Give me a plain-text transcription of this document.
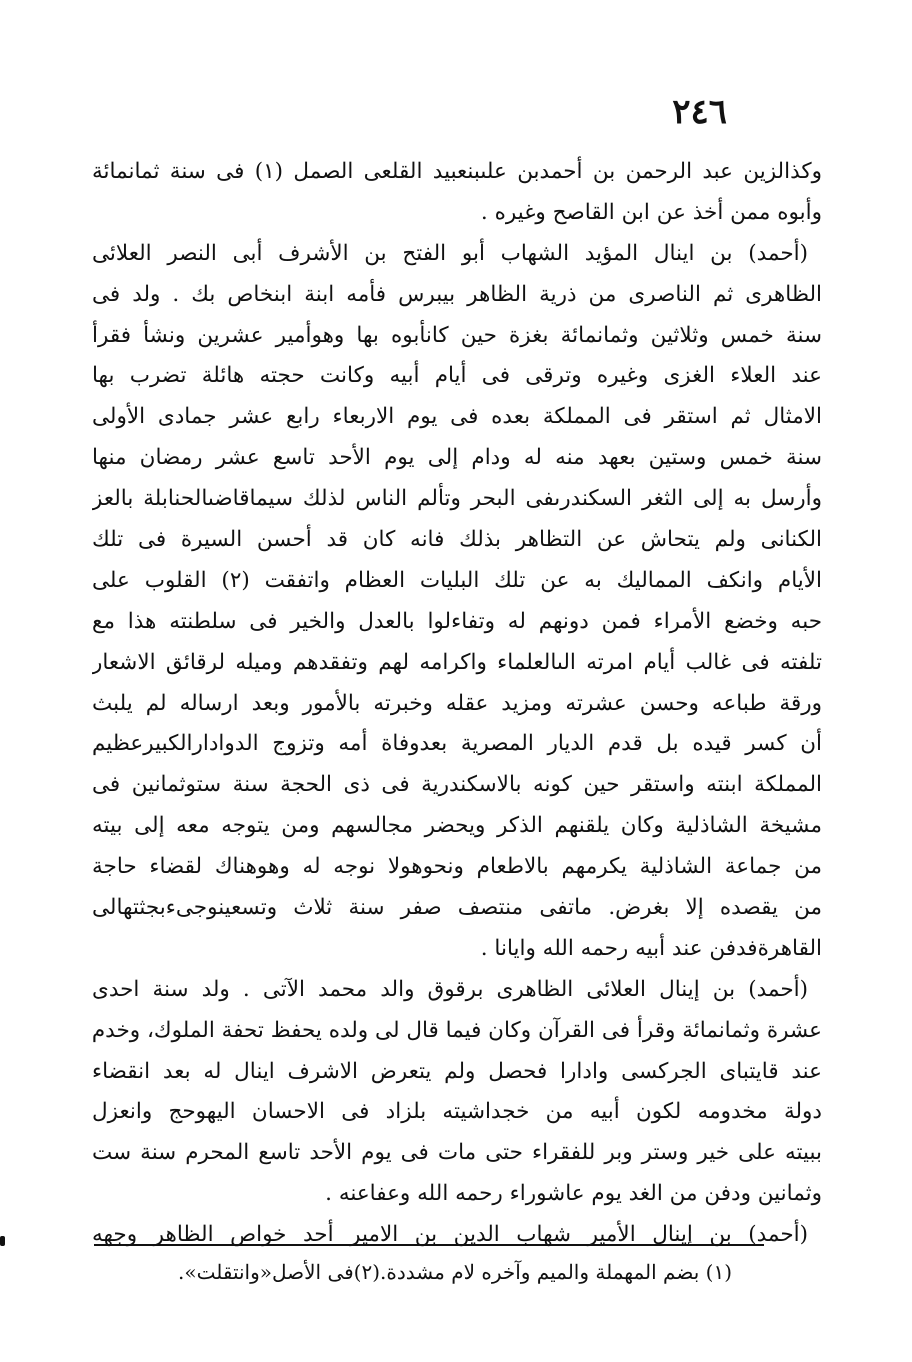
٢٤٦
وكذالزين عبد الرحمن بن أحمدبن علىبنعبيد القلعى الصمل (١) فى سنة ثمانمائة
وأبوه ممن أخذ عن ابن القاصح وغيره .
(أحمد) بن اينال المؤيد الشهاب أبو الفتح بن الأشرف أبى النصر العلائى
الظاهرى ثم الناصرى من ذرية الظاهر بيبرس فأمه ابنة ابنخاص بك . ولد فى
سنة خمس وثلاثين وثمانمائة بغزة حين كانأبوه بها وهوأمير عشرين ونشأ فقرأ
عند العلاء الغزى وغيره وترقى فى أيام أبيه وكانت حجته هائلة تضرب بها
الامثال ثم استقر فى المملكة بعده فى يوم الاربعاء رابع عشر جمادى الأولى
سنة خمس وستين بعهد منه له ودام إلى يوم الأحد تاسع عشر رمضان منها
وأرسل به إلى الثغر السكندرىفى البحر وتألم الناس لذلك سيماقاضىالحنابلة بالعز
الكنانى ولم يتحاش عن التظاهر بذلك فانه كان قد أحسن السيرة فى تلك
الأيام وانكف المماليك به عن تلك البليات العظام واتفقت (٢) القلوب على
حبه وخضع الأمراء فمن دونهم له وتفاءلوا بالعدل والخير فى سلطنته هذا مع
تلفته فى غالب أيام امرته الىالعلماء واكرامه لهم وتفقدهم وميله لرقائق الاشعار
ورقة طباعه وحسن عشرته ومزيد عقله وخبرته بالأمور وبعد ارساله لم يلبث
أن كسر قيده بل قدم الديار المصرية بعدوفاة أمه وتزوج الدوادارالكبيرعظيم
المملكة ابنته واستقر حين كونه بالاسكندرية فى ذى الحجة سنة ستوثمانين فى
مشيخة الشاذلية وكان يلقنهم الذكر ويحضر مجالسهم ومن يتوجه معه إلى بيته
من جماعة الشاذلية يكرمهم بالاطعام ونحوهولا نوجه له وهوهناك لقضاء حاجة
من يقصده إلا بغرض. ماتفى منتصف صفر سنة ثلاث وتسعينوجىءبجثتهالى
القاهرةفدفن عند أبيه رحمه الله وايانا .
(أحمد) بن إينال العلائى الظاهرى برقوق والد محمد الآتى . ولد سنة احدى
عشرة وثمانمائة وقرأ فى القرآن وكان فيما قال لى ولده يحفظ تحفة الملوك، وخدم
عند قايتباى الجركسى وادارا فحصل ولم يتعرض الاشرف اينال له بعد انقضاء
دولة مخدومه لكون أبيه من خجداشيته بلزاد فى الاحسان اليهوحج وانعزل
ببيته على خير وستر وبر للفقراء حتى مات فى يوم الأحد تاسع المحرم سنة ست
وثمانين ودفن من الغد يوم عاشوراء رحمه الله وعفاعنه .
(أحمد) بن إينال الأمير شهاب الدين بن الامير أحد خواص الظاهر وجهه
(١) بضم المهملة والميم وآخره لام مشددة.(٢)فى الأصل«وانتقلت».
